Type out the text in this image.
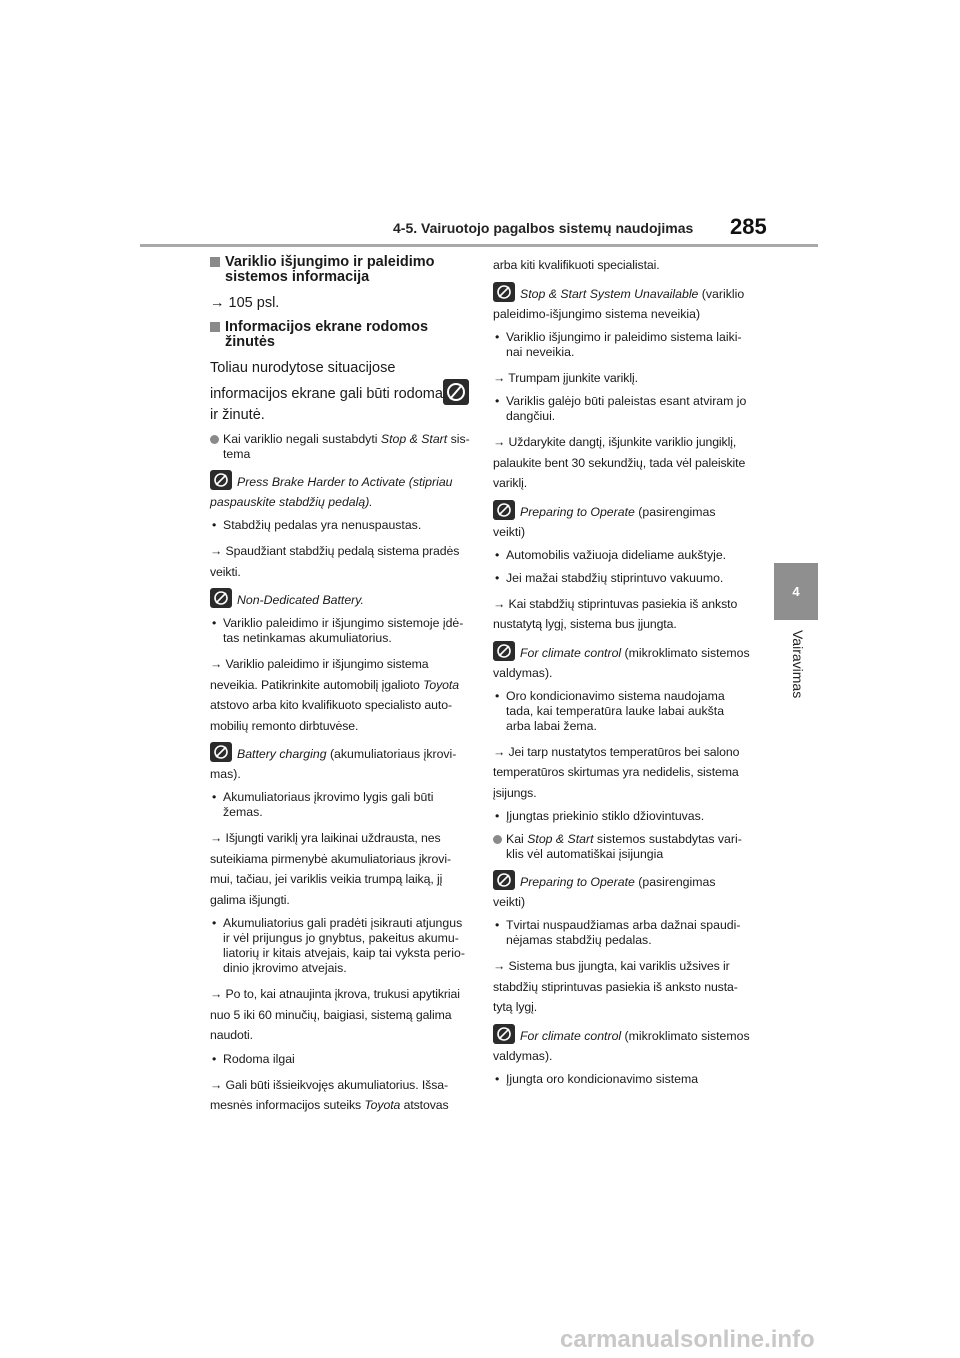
4-5. Vairuotojo pagalbos sistemų naudojimas 285
4
Vairavimas
Variklio išjungimo ir paleidimo sistemos informacija
→ 105 psl.
Informacijos ekrane rodomos žinutės
Toliau nurodytose situacijose
informacijos ekrane gali būti rodoma

ir žinutė.
Kai variklio negali sustabdyti Stop & Start sis-tema
Press Brake Harder to Activate (stipriau paspauskite stabdžių pedalą).
• Stabdžių pedalas yra nenuspaustas.
→ Spaudžiant stabdžių pedalą sistema pradės veikti.
Non-Dedicated Battery.
• Variklio paleidimo ir išjungimo sistemoje įdė-tas netinkamas akumuliatorius.
→ Variklio paleidimo ir išjungimo sistema neveikia. Patikrinkite automobilį įgalioto Toyota atstovo arba kito kvalifikuoto specialisto auto-mobilių remonto dirbtuvėse.
Battery charging (akumuliatoriaus įkrovi-mas).
• Akumuliatoriaus įkrovimo lygis gali būti žemas.
→ Išjungti variklį yra laikinai uždrausta, nes suteikiama pirmenybė akumuliatoriaus įkrovi-mui, tačiau, jei variklis veikia trumpą laiką, jį galima išjungti.
• Akumuliatorius gali pradėti įsikrauti atjungus ir vėl prijungus jo gnybtus, pakeitus akumu-liatorių ir kitais atvejais, kaip tai vyksta perio-dinio įkrovimo atvejais.
→ Po to, kai atnaujinta įkrova, trukusi apytikriai nuo 5 iki 60 minučių, baigiasi, sistemą galima naudoti.
• Rodoma ilgai
→ Gali būti išsieikvojęs akumuliatorius. Išsa-mesnės informacijos suteiks Toyota atstovas
arba kiti kvalifikuoti specialistai.
Stop & Start System Unavailable (variklio paleidimo-išjungimo sistema neveikia)
• Variklio išjungimo ir paleidimo sistema laiki-nai neveikia.
→ Trumpam įjunkite variklį.
• Variklis galėjo būti paleistas esant atviram jo dangčiui.
→ Uždarykite dangtį, išjunkite variklio jungiklį, palaukite bent 30 sekundžių, tada vėl paleiskite variklį.
Preparing to Operate (pasirengimas veikti)
• Automobilis važiuoja dideliame aukštyje.
• Jei mažai stabdžių stiprintuvo vakuumo.
→ Kai stabdžių stiprintuvas pasiekia iš anksto nustatytą lygį, sistema bus įjungta.
For climate control (mikroklimato sistemos valdymas).
• Oro kondicionavimo sistema naudojama tada, kai temperatūra lauke labai aukšta arba labai žema.
→ Jei tarp nustatytos temperatūros bei salono temperatūros skirtumas yra nedidelis, sistema įsijungs.
• Įjungtas priekinio stiklo džiovintuvas.
Kai Stop & Start sistemos sustabdytas vari-klis vėl automatiškai įsijungia
Preparing to Operate (pasirengimas veikti)
• Tvirtai nuspaudžiamas arba dažnai spaudi-nėjamas stabdžių pedalas.
→ Sistema bus įjungta, kai variklis užsives ir stabdžių stiprintuvas pasiekia iš anksto nusta-tytą lygį.
For climate control (mikroklimato sistemos valdymas).
• Įjungta oro kondicionavimo sistema
carmanualsonline.info
